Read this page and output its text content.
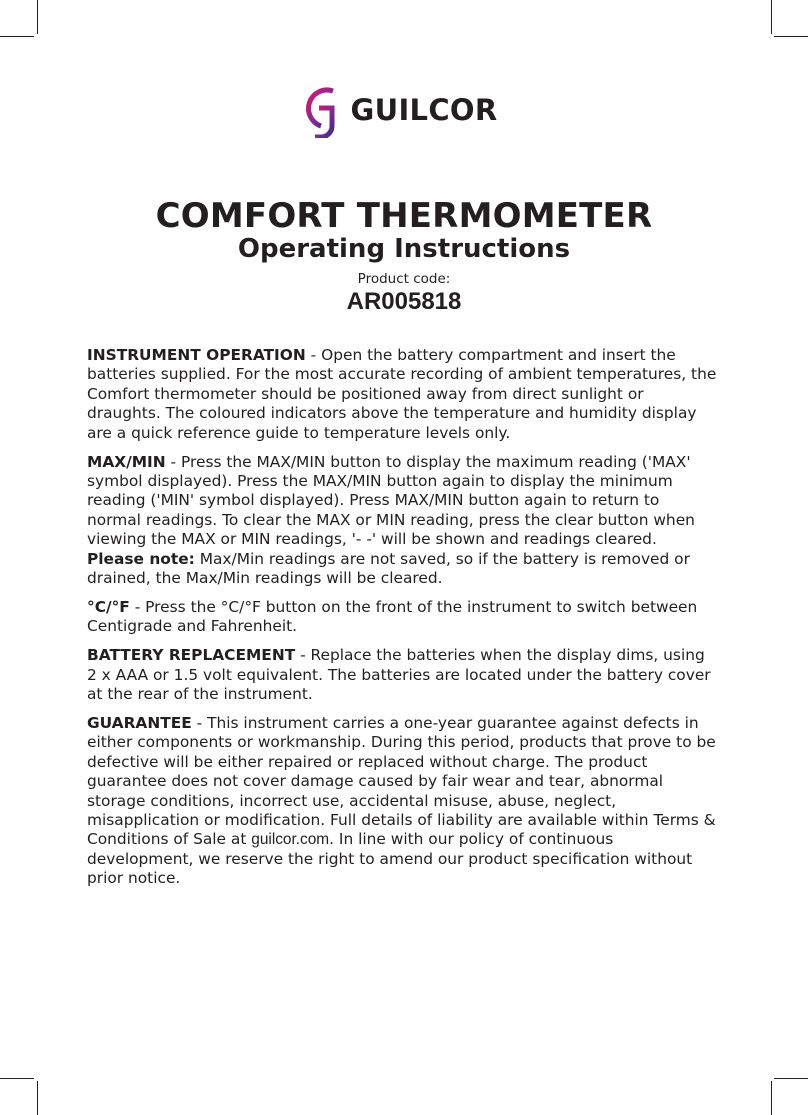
GUILCOR
COMFORT THERMOMETER
Operating Instructions
Product code:
AR005818

INSTRUMENT OPERATION - Open the battery compartment and insert the batteries supplied. For the most accurate recording of ambient temperatures, the Comfort thermometer should be positioned away from direct sunlight or draughts. The coloured indicators above the temperature and humidity display are a quick reference guide to temperature levels only.

MAX/MIN - Press the MAX/MIN button to display the maximum reading ('MAX' symbol displayed). Press the MAX/MIN button again to display the minimum reading ('MIN' symbol displayed). Press MAX/MIN button again to return to normal readings. To clear the MAX or MIN reading, press the clear button when viewing the MAX or MIN readings, '- -' will be shown and readings cleared.
Please note: Max/Min readings are not saved, so if the battery is removed or drained, the Max/Min readings will be cleared.

°C/°F - Press the °C/°F button on the front of the instrument to switch between Centigrade and Fahrenheit.

BATTERY REPLACEMENT - Replace the batteries when the display dims, using 2 x AAA or 1.5 volt equivalent. The batteries are located under the battery cover at the rear of the instrument.

GUARANTEE - This instrument carries a one-year guarantee against defects in either components or workmanship. During this period, products that prove to be defective will be either repaired or replaced without charge. The product guarantee does not cover damage caused by fair wear and tear, abnormal storage conditions, incorrect use, accidental misuse, abuse, neglect, misapplication or modification. Full details of liability are available within Terms & Conditions of Sale at guilcor.com. In line with our policy of continuous development, we reserve the right to amend our product specification without prior notice.
